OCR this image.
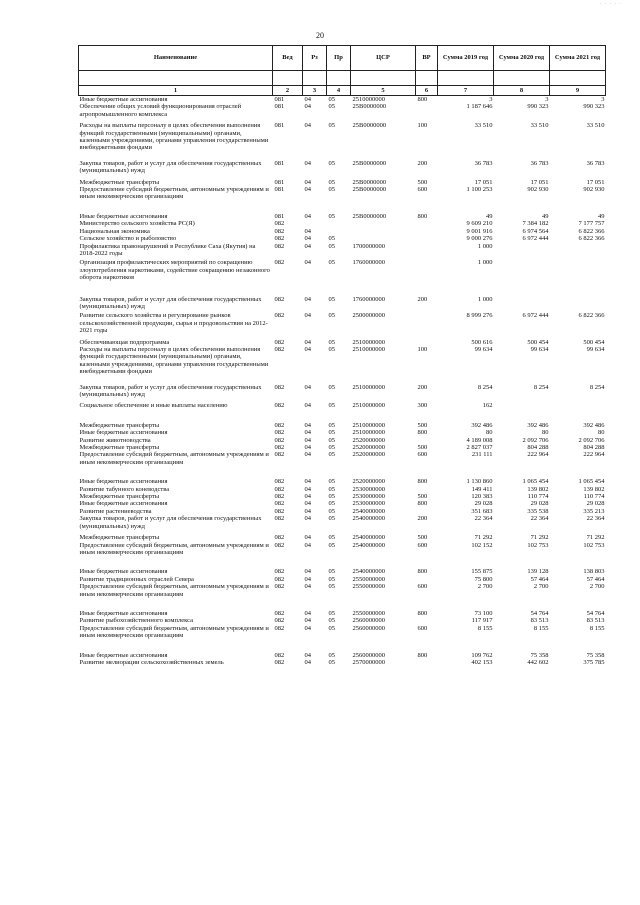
· · · · ·
20
Наименование	Вед	Рз	Пр	ЦСР	ВР	Сумма 2019 год	Сумма 2020 год	Сумма 2021 год

1	2	3	4	5	6	7	8	9
Иные бюджетные ассигнования	081	04	05	2510000000	800	3	3	3
Обеспечение общих условий функционирования отраслей агропромышленного комплекса	081	04	05	25B0000000		1 187 646	990 323	990 323
Расходы на выплаты персоналу в целях обеспечения выполнения функций государственными (муниципальными) органами, казенными учреждениями, органами управления государственными внебюджетными фондами	081	04	05	25B0000000	100	33 510	33 510	33 510
Закупка товаров, работ и услуг для обеспечения государственных (муниципальных) нужд	081	04	05	25B0000000	200	36 783	36 783	36 783
Межбюджетные трансферты	081	04	05	25B0000000	500	17 051	17 051	17 051
Предоставление субсидий бюджетным, автономным учреждениям и иным некоммерческим организациям	081	04	05	25B0000000	600	1 100 253	902 930	902 930
Иные бюджетные ассигнования	081	04	05	25B0000000	800	49	49	49
Министерство сельского хозяйства РС(Я)	082					9 609 210	7 384 182	7 177 757
Национальная экономика	082	04				9 001 916	6 974 564	6 822 366
Сельское хозяйство и рыболовство	082	04	05			9 000 276	6 972 444	6 822 366
Профилактика правонарушений в Республике Саха (Якутия) на 2018-2022 годы	082	04	05	1700000000		1 000		
Организация профилактических мероприятий по сокращению злоупотребления наркотиками, содействие сокращению незаконного оборота наркотиков	082	04	05	1760000000		1 000		
Закупка товаров, работ и услуг для обеспечения государственных (муниципальных) нужд	082	04	05	1760000000	200	1 000		
Развитие сельского хозяйства и регулирование рынков сельскохозяйственной продукции, сырья и продовольствия на 2012-2021 годы	082	04	05	2500000000		8 999 276	6 972 444	6 822 366
Обеспечивающая подпрограмма	082	04	05	2510000000		500 616	500 454	500 454
Расходы на выплаты персоналу в целях обеспечения выполнения функций государственными (муниципальными) органами, казенными учреждениями, органами управления государственными внебюджетными фондами	082	04	05	2510000000	100	99 634	99 634	99 634
Закупка товаров, работ и услуг для обеспечения государственных (муниципальных) нужд	082	04	05	2510000000	200	8 254	8 254	8 254
Социальное обеспечение и иные выплаты населению	082	04	05	2510000000	300	162		
Межбюджетные трансферты	082	04	05	2510000000	500	392 486	392 486	392 486
Иные бюджетные ассигнования	082	04	05	2510000000	800	80	80	80
Развитие животноводства	082	04	05	2520000000		4 189 008	2 092 706	2 092 706
Межбюджетные трансферты	082	04	05	2520000000	500	2 827 037	804 288	804 288
Предоставление субсидий бюджетным, автономным учреждениям и иным некоммерческим организациям	082	04	05	2520000000	600	231 111	222 964	222 964
Иные бюджетные ассигнования	082	04	05	2520000000	800	1 130 860	1 065 454	1 065 454
Развитие табунного коневодства	082	04	05	2530000000		149 411	139 802	139 802
Межбюджетные трансферты	082	04	05	2530000000	500	120 383	110 774	110 774
Иные бюджетные ассигнования	082	04	05	2530000000	800	29 028	29 028	29 028
Развитие растениеводства	082	04	05	2540000000		351 683	335 538	335 213
Закупка товаров, работ и услуг для обеспечения государственных (муниципальных) нужд	082	04	05	2540000000	200	22 364	22 364	22 364
Межбюджетные трансферты	082	04	05	2540000000	500	71 292	71 292	71 292
Предоставление субсидий бюджетным, автономным учреждениям и иным некоммерческим организациям	082	04	05	2540000000	600	102 152	102 753	102 753
Иные бюджетные ассигнования	082	04	05	2540000000	800	155 875	139 128	138 803
Развитие традиционных отраслей Севера	082	04	05	2550000000		75 800	57 464	57 464
Предоставление субсидий бюджетным, автономным учреждениям и иным некоммерческим организациям	082	04	05	2550000000	600	2 700	2 700	2 700
Иные бюджетные ассигнования	082	04	05	2550000000	800	73 100	54 764	54 764
Развитие рыбохозяйственного комплекса	082	04	05	2560000000		117 917	83 513	83 513
Предоставление субсидий бюджетным, автономным учреждениям и иным некоммерческим организациям	082	04	05	2560000000	600	8 155	8 155	8 155
Иные бюджетные ассигнования	082	04	05	2560000000	800	109 762	75 358	75 358
Развитие мелиорации сельскохозяйственных земель	082	04	05	2570000000		402 153	442 602	375 785
